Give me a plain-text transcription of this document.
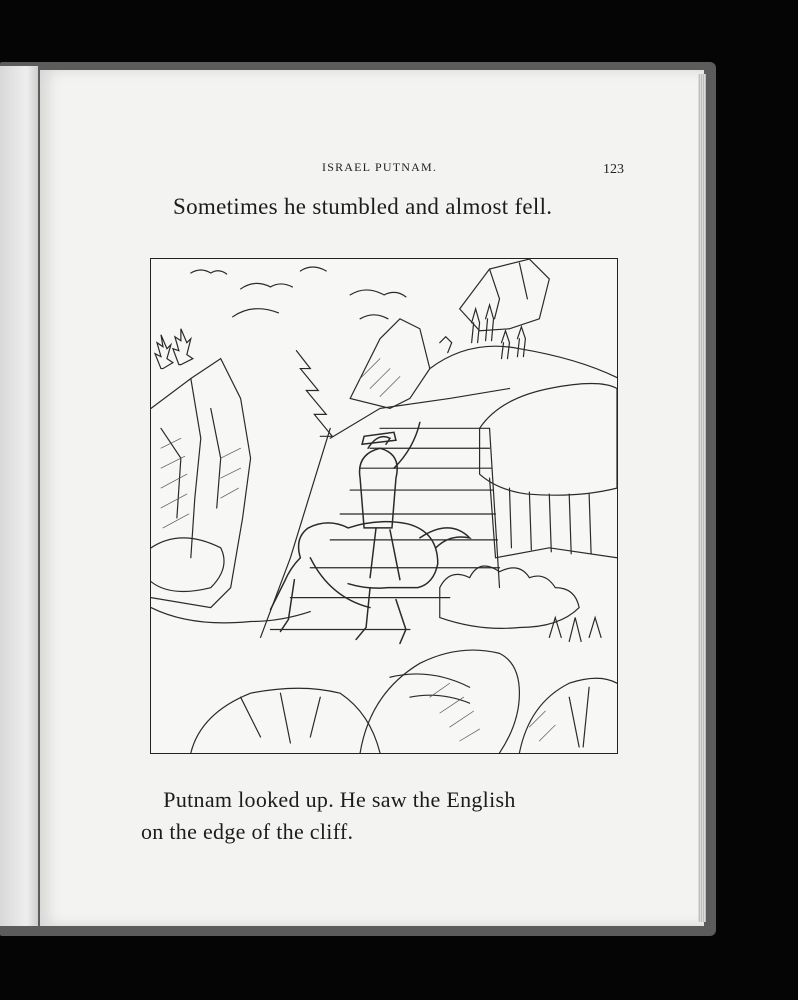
ISRAEL PUTNAM.	123
Sometimes he stumbled and almost fell.
 Putnam looked up. He saw the English
on the edge of the cliff.
